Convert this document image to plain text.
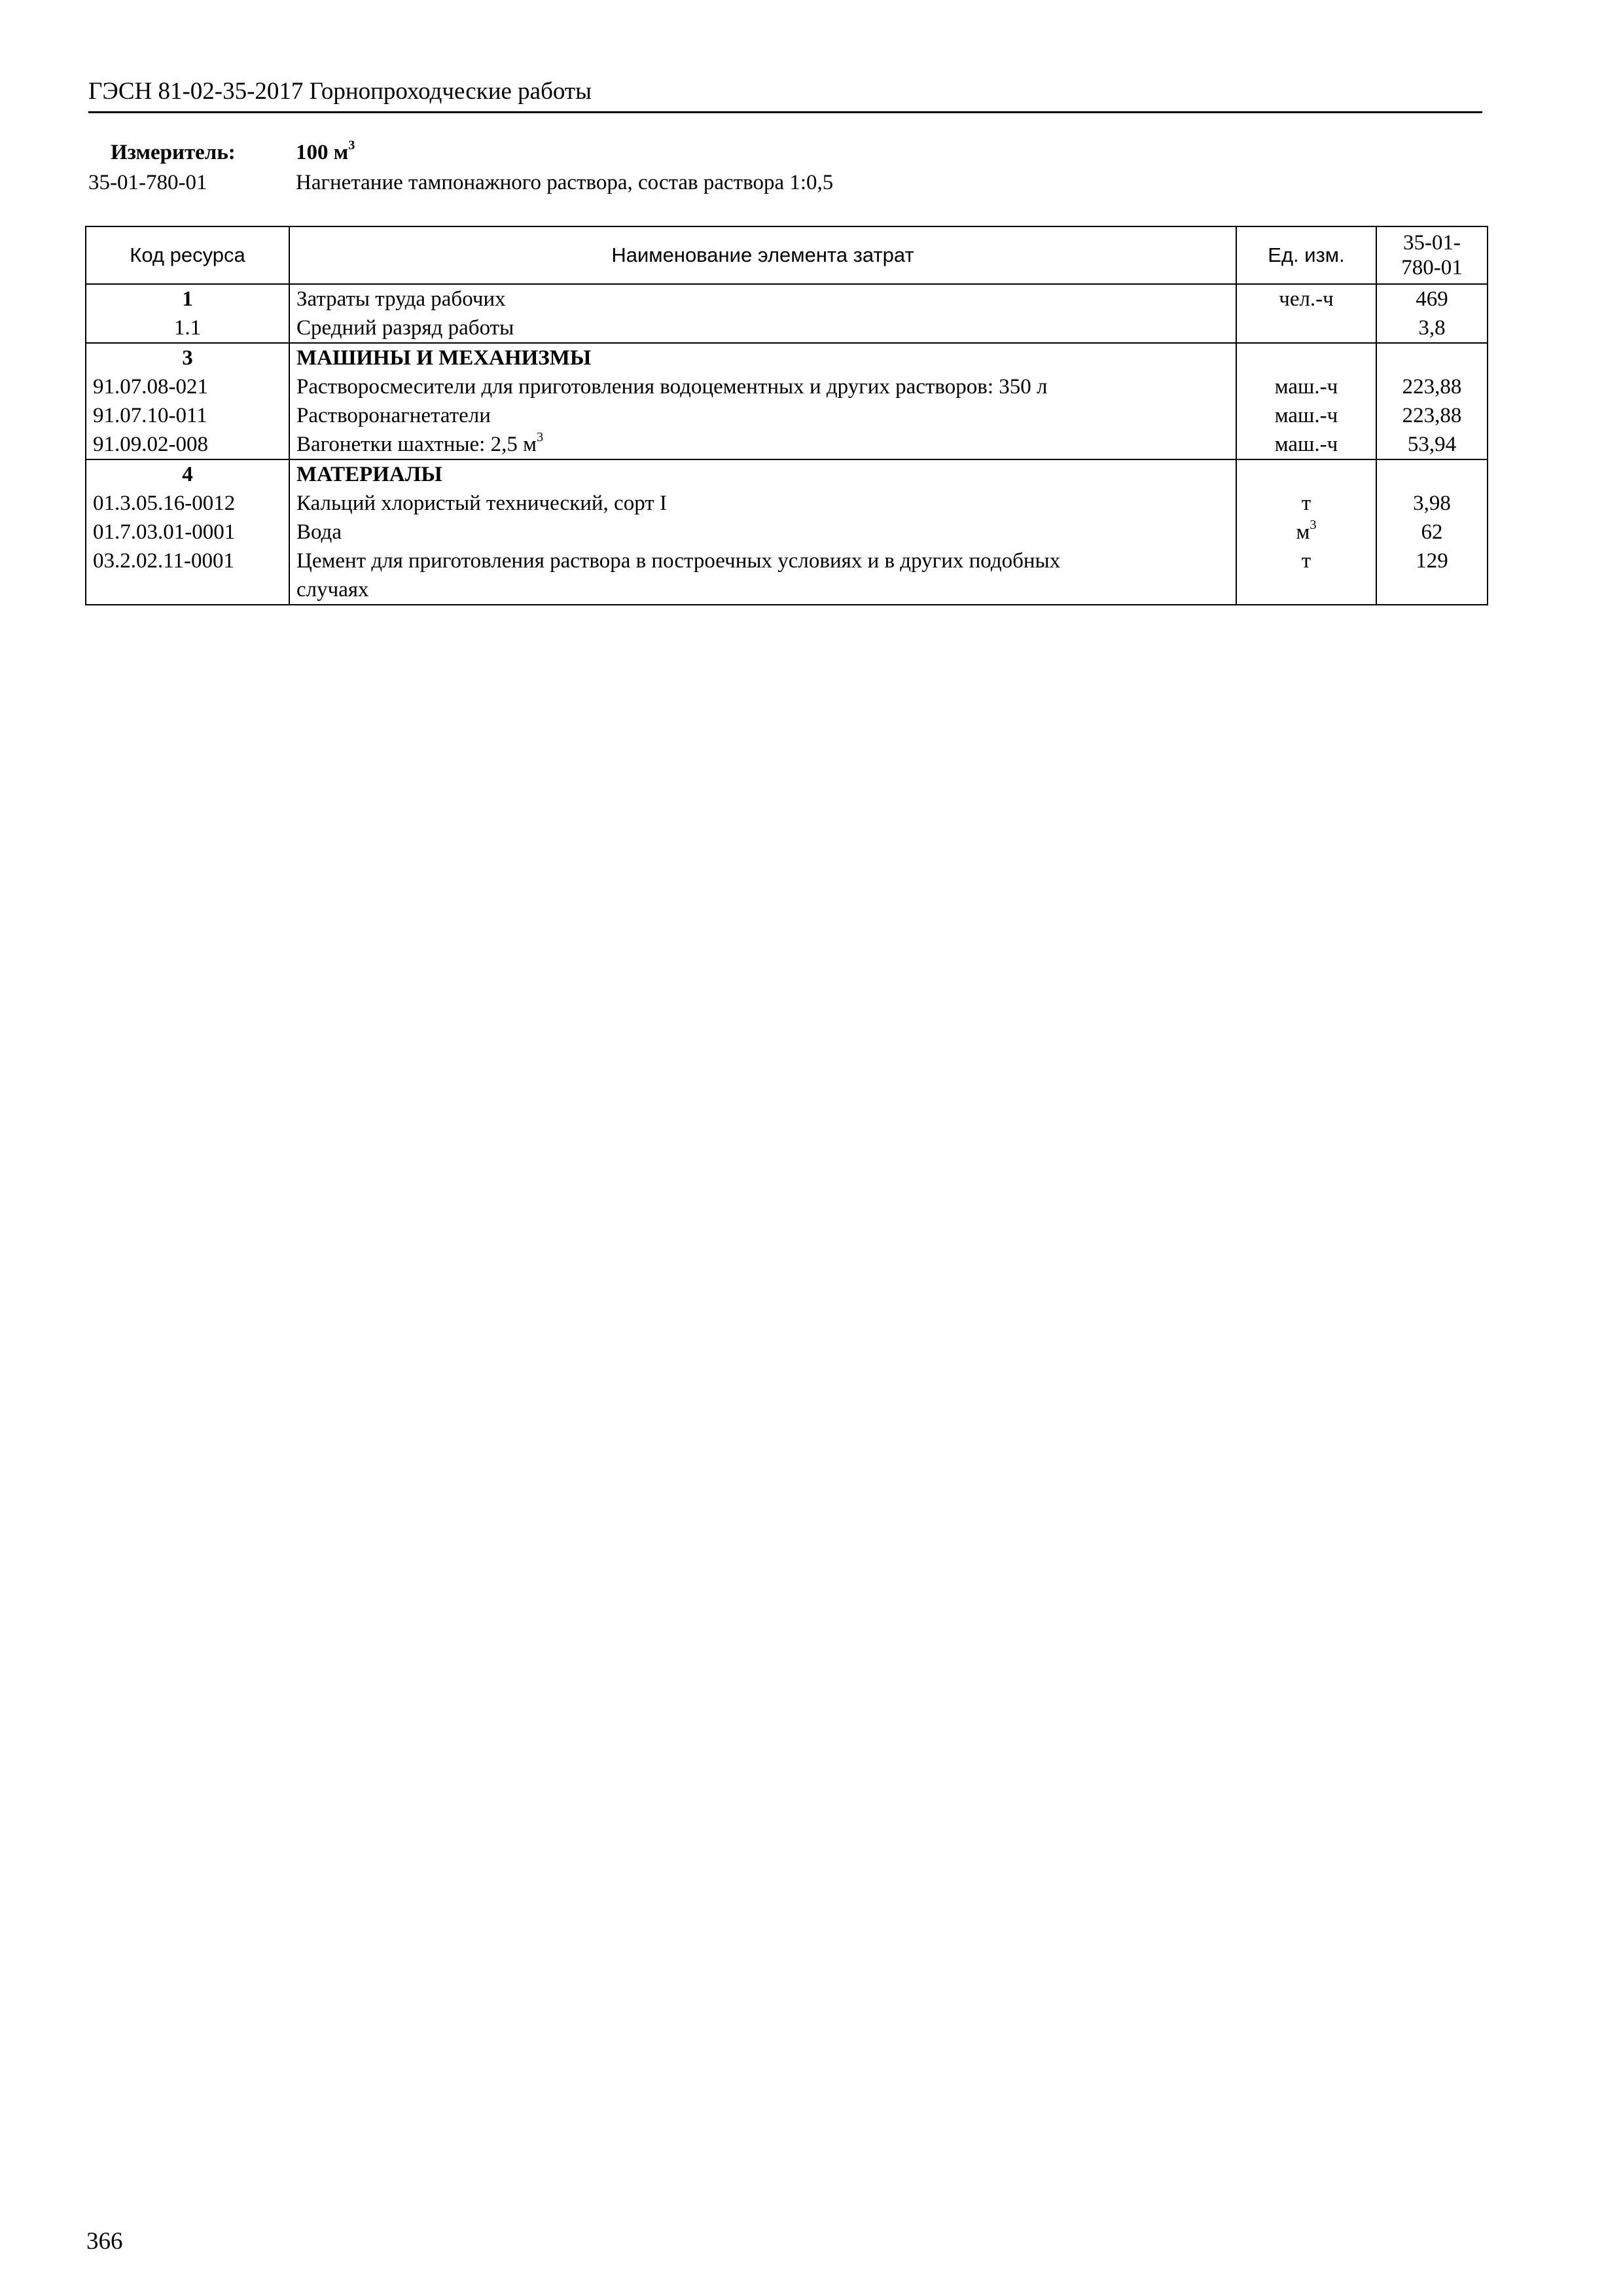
ГЭСН 81-02-35-2017 Горнопроходческие работы
Измеритель:	100 $м^3$
35-01-780-01	Нагнетание тампонажного раствора, состав раствора 1:0,5
Код ресурса	Наименование элемента затрат	Ед. изм.	35-01-
780-01
1	Затраты труда рабочих	чел.-ч	469
1.1	Средний разряд работы		3,8
3	МАШИНЫ И МЕХАНИЗМЫ		
91.07.08-021	Растворосмесители для приготовления водоцементных и других растворов: 350 л	маш.-ч	223,88
91.07.10-011	Растворонагнетатели	маш.-ч	223,88
91.09.02-008	Вагонетки шахтные: 2,5 $м^3$	маш.-ч	53,94
4	МАТЕРИАЛЫ		
01.3.05.16-0012	Кальций хлористый технический, сорт I	т	3,98
01.7.03.01-0001	Вода	$м^3$	62
03.2.02.11-0001	Цемент для приготовления раствора в построечных условиях и в других подобных	т	129
	случаях		
366
